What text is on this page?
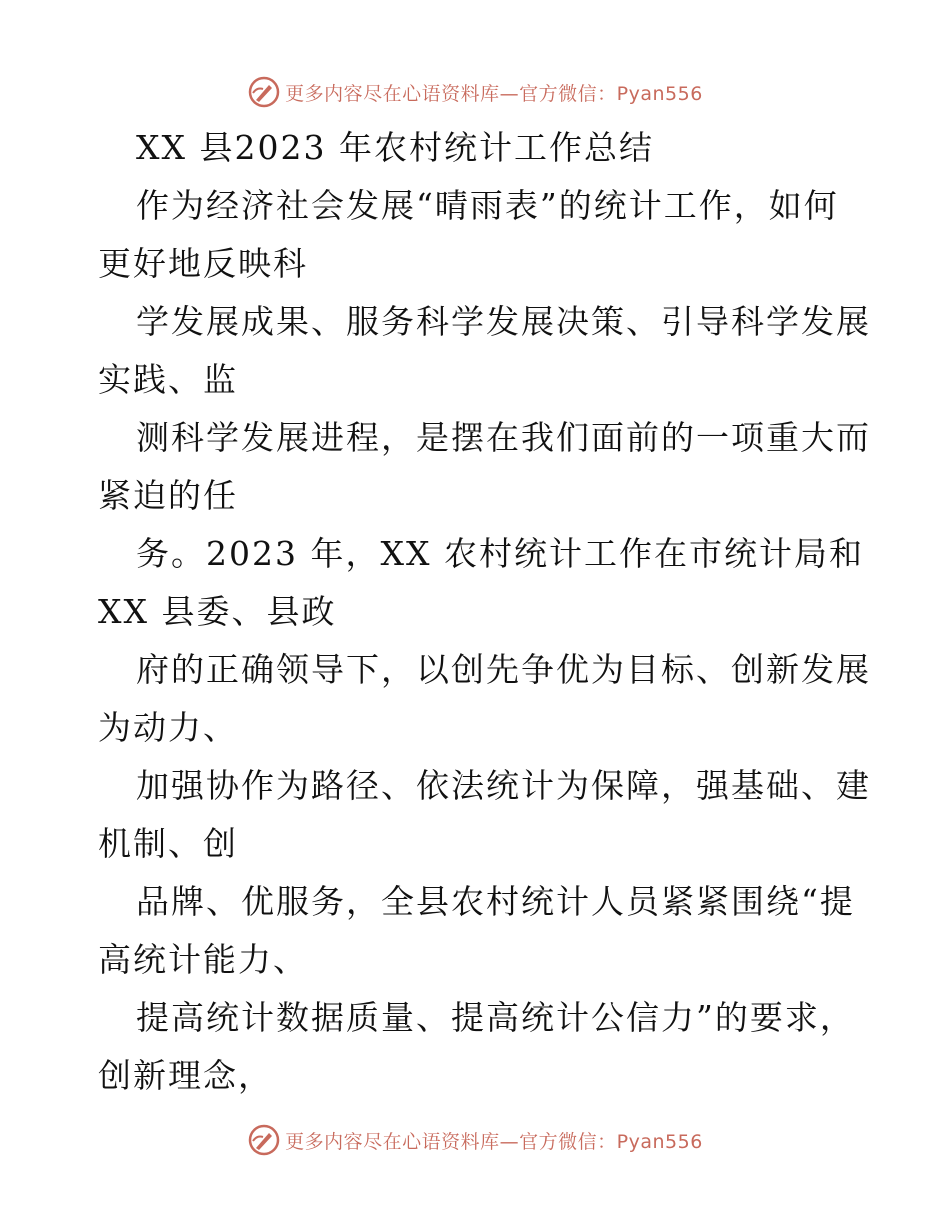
更多内容尽在心语资料库—官方微信：Pyan556
XX 县2023 年农村统计工作总结
作为经济社会发展“晴雨表”的统计工作，如何
更好地反映科
学发展成果、服务科学发展决策、引导科学发展
实践、监
测科学发展进程，是摆在我们面前的一项重大而
紧迫的任
务。2023 年，XX 农村统计工作在市统计局和
XX 县委、县政
府的正确领导下，以创先争优为目标、创新发展
为动力、
加强协作为路径、依法统计为保障，强基础、建
机制、创
品牌、优服务，全县农村统计人员紧紧围绕“提
高统计能力、
提高统计数据质量、提高统计公信力”的要求，
创新理念，
更多内容尽在心语资料库—官方微信：Pyan556
